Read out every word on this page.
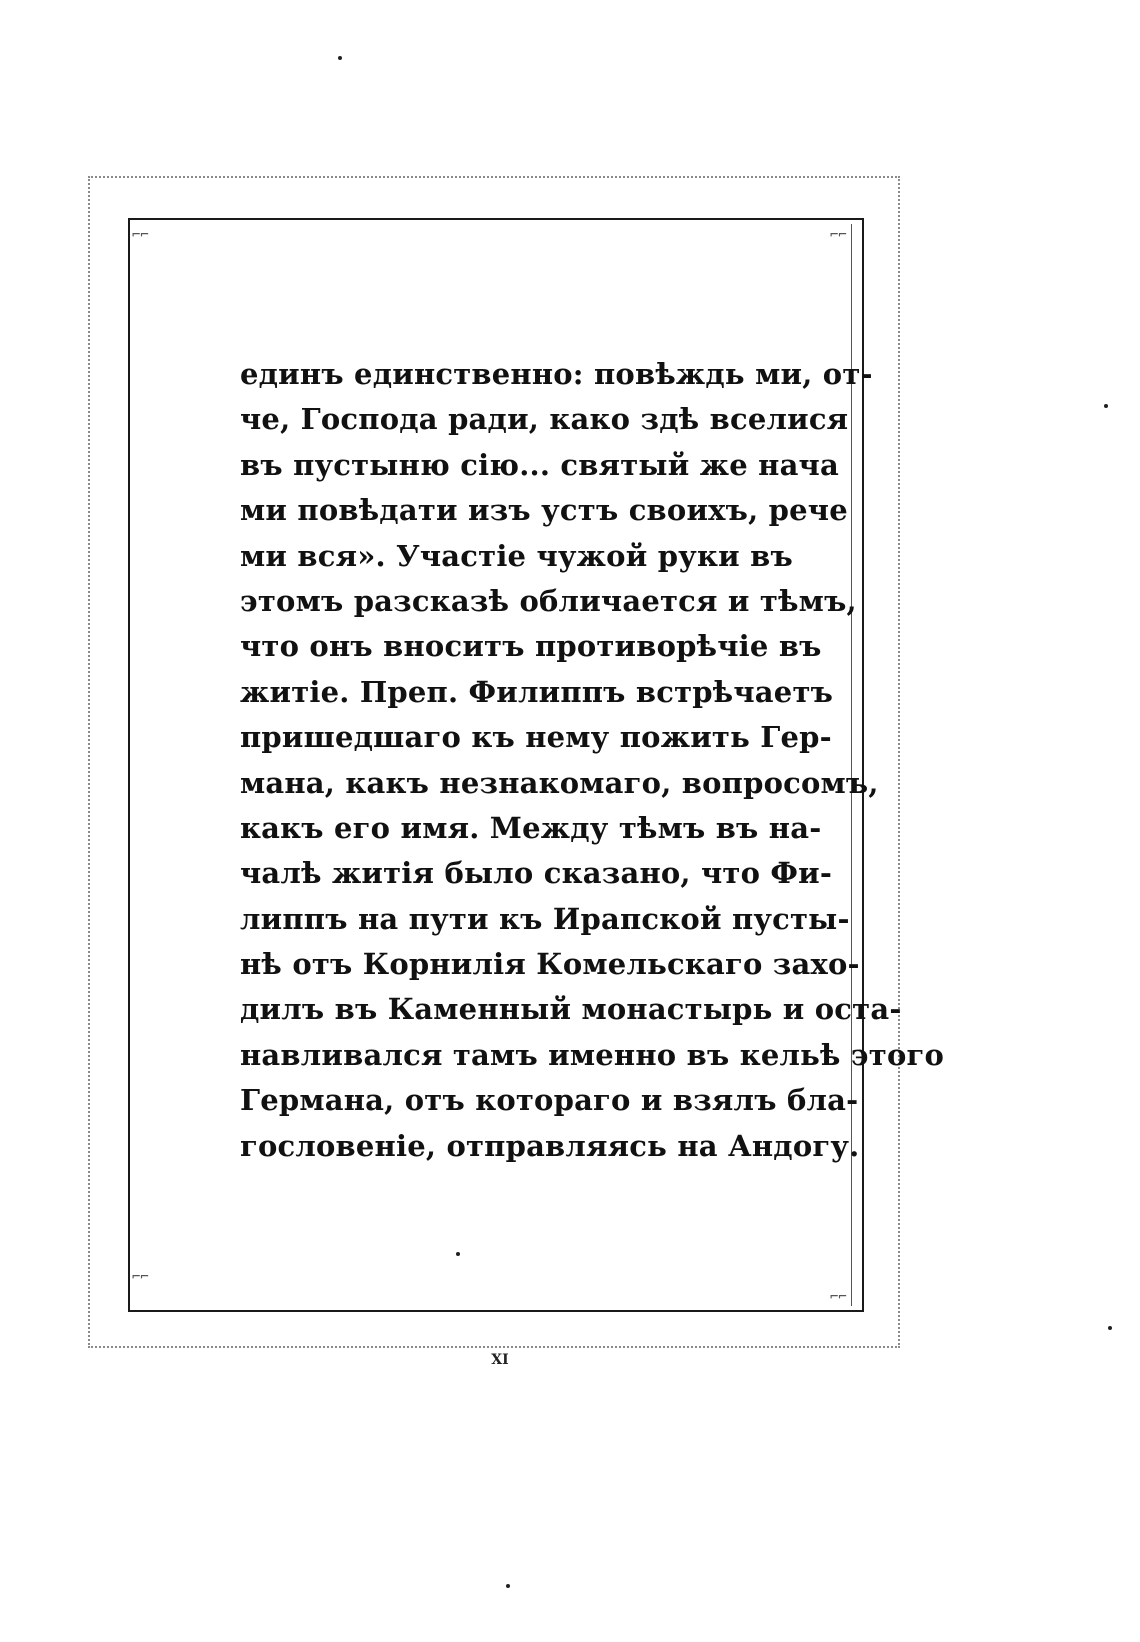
⌐⌐	⌐⌐
⌐⌐
⌐⌐
единъ единственно: повѣждь ми, от-
че, Господа ради, како здѣ вселися
въ пустыню сію... святый же нача
ми повѣдати изъ устъ своихъ, рече
ми вся». Участіе чужой руки въ
этомъ разсказѣ обличается и тѣмъ,
что онъ вноситъ противорѣчіе въ
житіе. Преп. Филиппъ встрѣчаетъ
пришедшаго къ нему пожить Гер-
мана, какъ незнакомаго, вопросомъ,
какъ его имя. Между тѣмъ въ на-
чалѣ житія было сказано, что Фи-
липпъ на пути къ Ирапской пусты-
нѣ отъ Корнилія Комельскаго захо-
дилъ въ Каменный монастырь и оста-
навливался тамъ именно въ кельѣ этого
Германа, отъ котораго и взялъ бла-
гословеніе, отправляясь на Андогу.
XI
